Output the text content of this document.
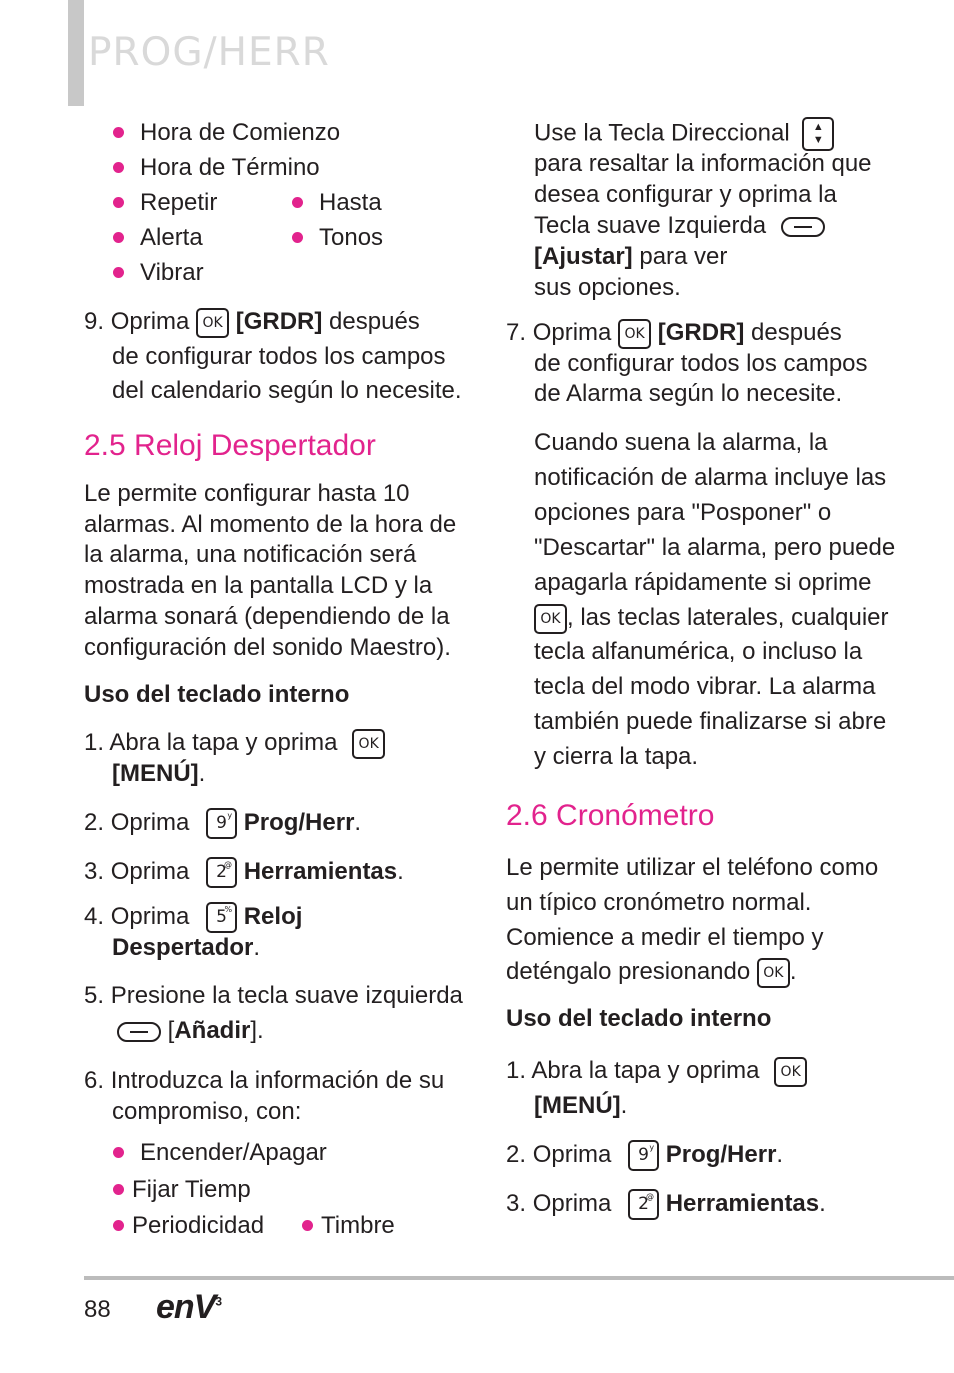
PROG/HERR
Hora de Comienzo
Hora de Término
Repetir	Hasta
Alerta	Tonos
Vibrar
9. Oprima OK [GRDR] después
de configurar todos los campos
del calendario según lo necesite.
2.5 Reloj Despertador
Le permite configurar hasta 10
alarmas. Al momento de la hora de
la alarma, una notificación será
mostrada en la pantalla LCD y la
alarma sonará (dependiendo de la
configuración del sonido Maestro).
Uso del teclado interno
1. Abra la tapa y oprima OK
[MENÚ].
2. Oprima 9 y Prog/Herr.
3. Oprima 2
@ Herramientas.
4. Oprima 5
% Reloj
Despertador.
5. Presione la tecla suave izquierda
[Añadir].
6. Introduzca la información de su
compromiso, con:
Encender/Apagar
Fijar Tiemp
Periodicidad Timbre
Use la Tecla Direccional ▲
▼
para resaltar la información que
desea configurar y oprima la
Tecla suave Izquierda
[Ajustar] para ver
sus opciones.
7. Oprima OK [GRDR] después
de configurar todos los campos
de Alarma según lo necesite.
Cuando suena la alarma, la
notificación de alarma incluye las
opciones para "Posponer" o
"Descartar" la alarma, pero puede
apagarla rápidamente si oprime
OK , las teclas laterales, cualquier
tecla alfanumérica, o incluso la
tecla del modo vibrar. La alarma
también puede finalizarse si abre
y cierra la tapa.
2.6 Cronómetro
Le permite utilizar el teléfono como
un típico cronómetro normal.
Comience a medir el tiempo y
deténgalo presionando OK .
Uso del teclado interno
1. Abra la tapa y oprima OK
[MENÚ].
2. Oprima 9 y Prog/Herr.
3. Oprima 2
@ Herramientas.
88 enV$^3$
